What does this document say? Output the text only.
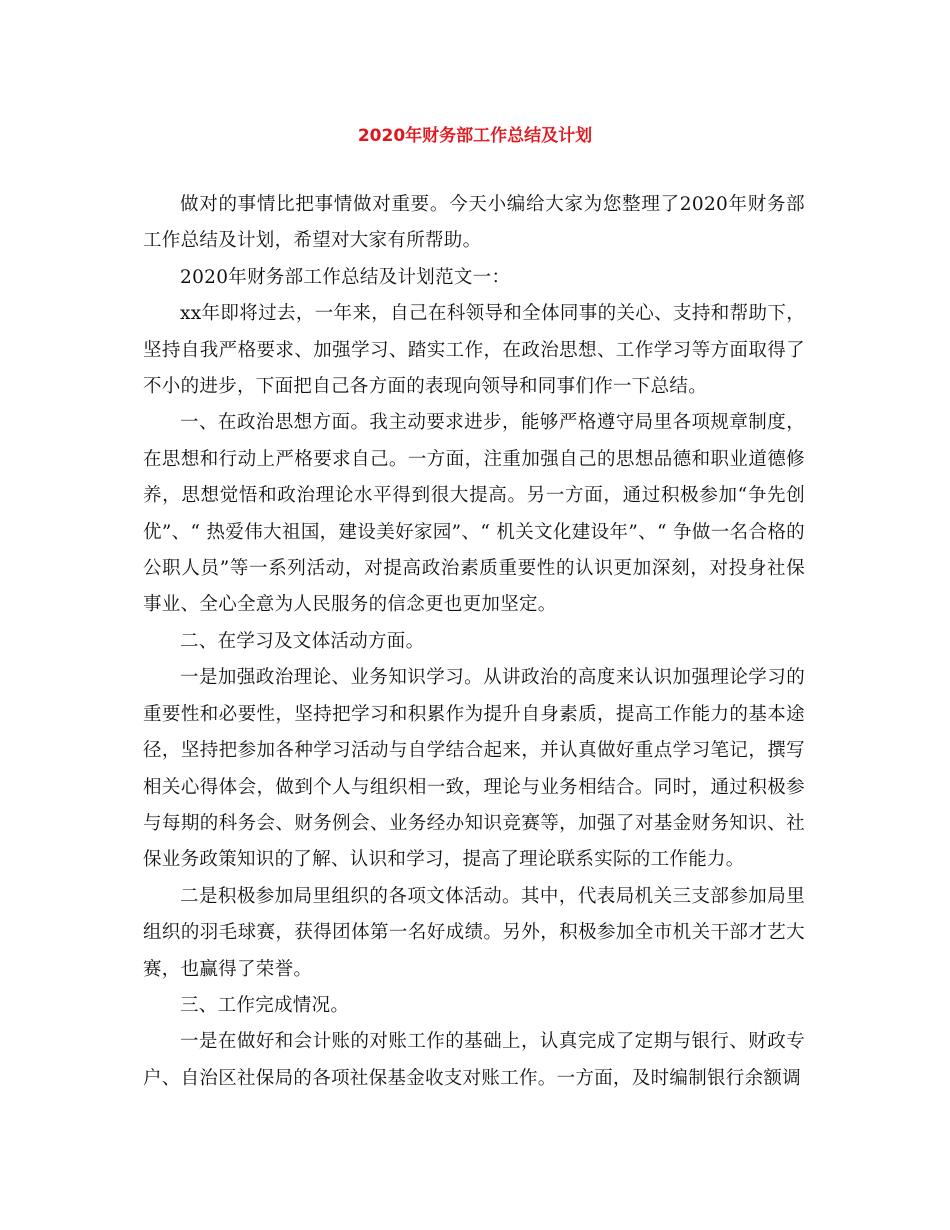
2020年财务部工作总结及计划

做对的事情比把事情做对重要。今天小编给大家为您整理了2020年财务部工作总结及计划，希望对大家有所帮助。

2020年财务部工作总结及计划范文一：

xx年即将过去，一年来，自己在科领导和全体同事的关心、支持和帮助下，坚持自我严格要求、加强学习、踏实工作，在政治思想、工作学习等方面取得了不小的进步，下面把自己各方面的表现向领导和同事们作一下总结。

一、在政治思想方面。我主动要求进步，能够严格遵守局里各项规章制度，在思想和行动上严格要求自己。一方面，注重加强自己的思想品德和职业道德修养，思想觉悟和政治理论水平得到很大提高。另一方面，通过积极参加“争先创优”、“ 热爱伟大祖国，建设美好家园”、“ 机关文化建设年”、“ 争做一名合格的公职人员”等一系列活动，对提高政治素质重要性的认识更加深刻，对投身社保事业、全心全意为人民服务的信念更也更加坚定。

二、在学习及文体活动方面。

一是加强政治理论、业务知识学习。从讲政治的高度来认识加强理论学习的重要性和必要性，坚持把学习和积累作为提升自身素质，提高工作能力的基本途径，坚持把参加各种学习活动与自学结合起来，并认真做好重点学习笔记，撰写相关心得体会，做到个人与组织相一致，理论与业务相结合。同时，通过积极参与每期的科务会、财务例会、业务经办知识竞赛等，加强了对基金财务知识、社保业务政策知识的了解、认识和学习，提高了理论联系实际的工作能力。

二是积极参加局里组织的各项文体活动。其中，代表局机关三支部参加局里组织的羽毛球赛，获得团体第一名好成绩。另外，积极参加全市机关干部才艺大赛，也赢得了荣誉。

三、工作完成情况。

一是在做好和会计账的对账工作的基础上，认真完成了定期与银行、财政专户、自治区社保局的各项社保基金收支对账工作。一方面，及时编制银行余额调
